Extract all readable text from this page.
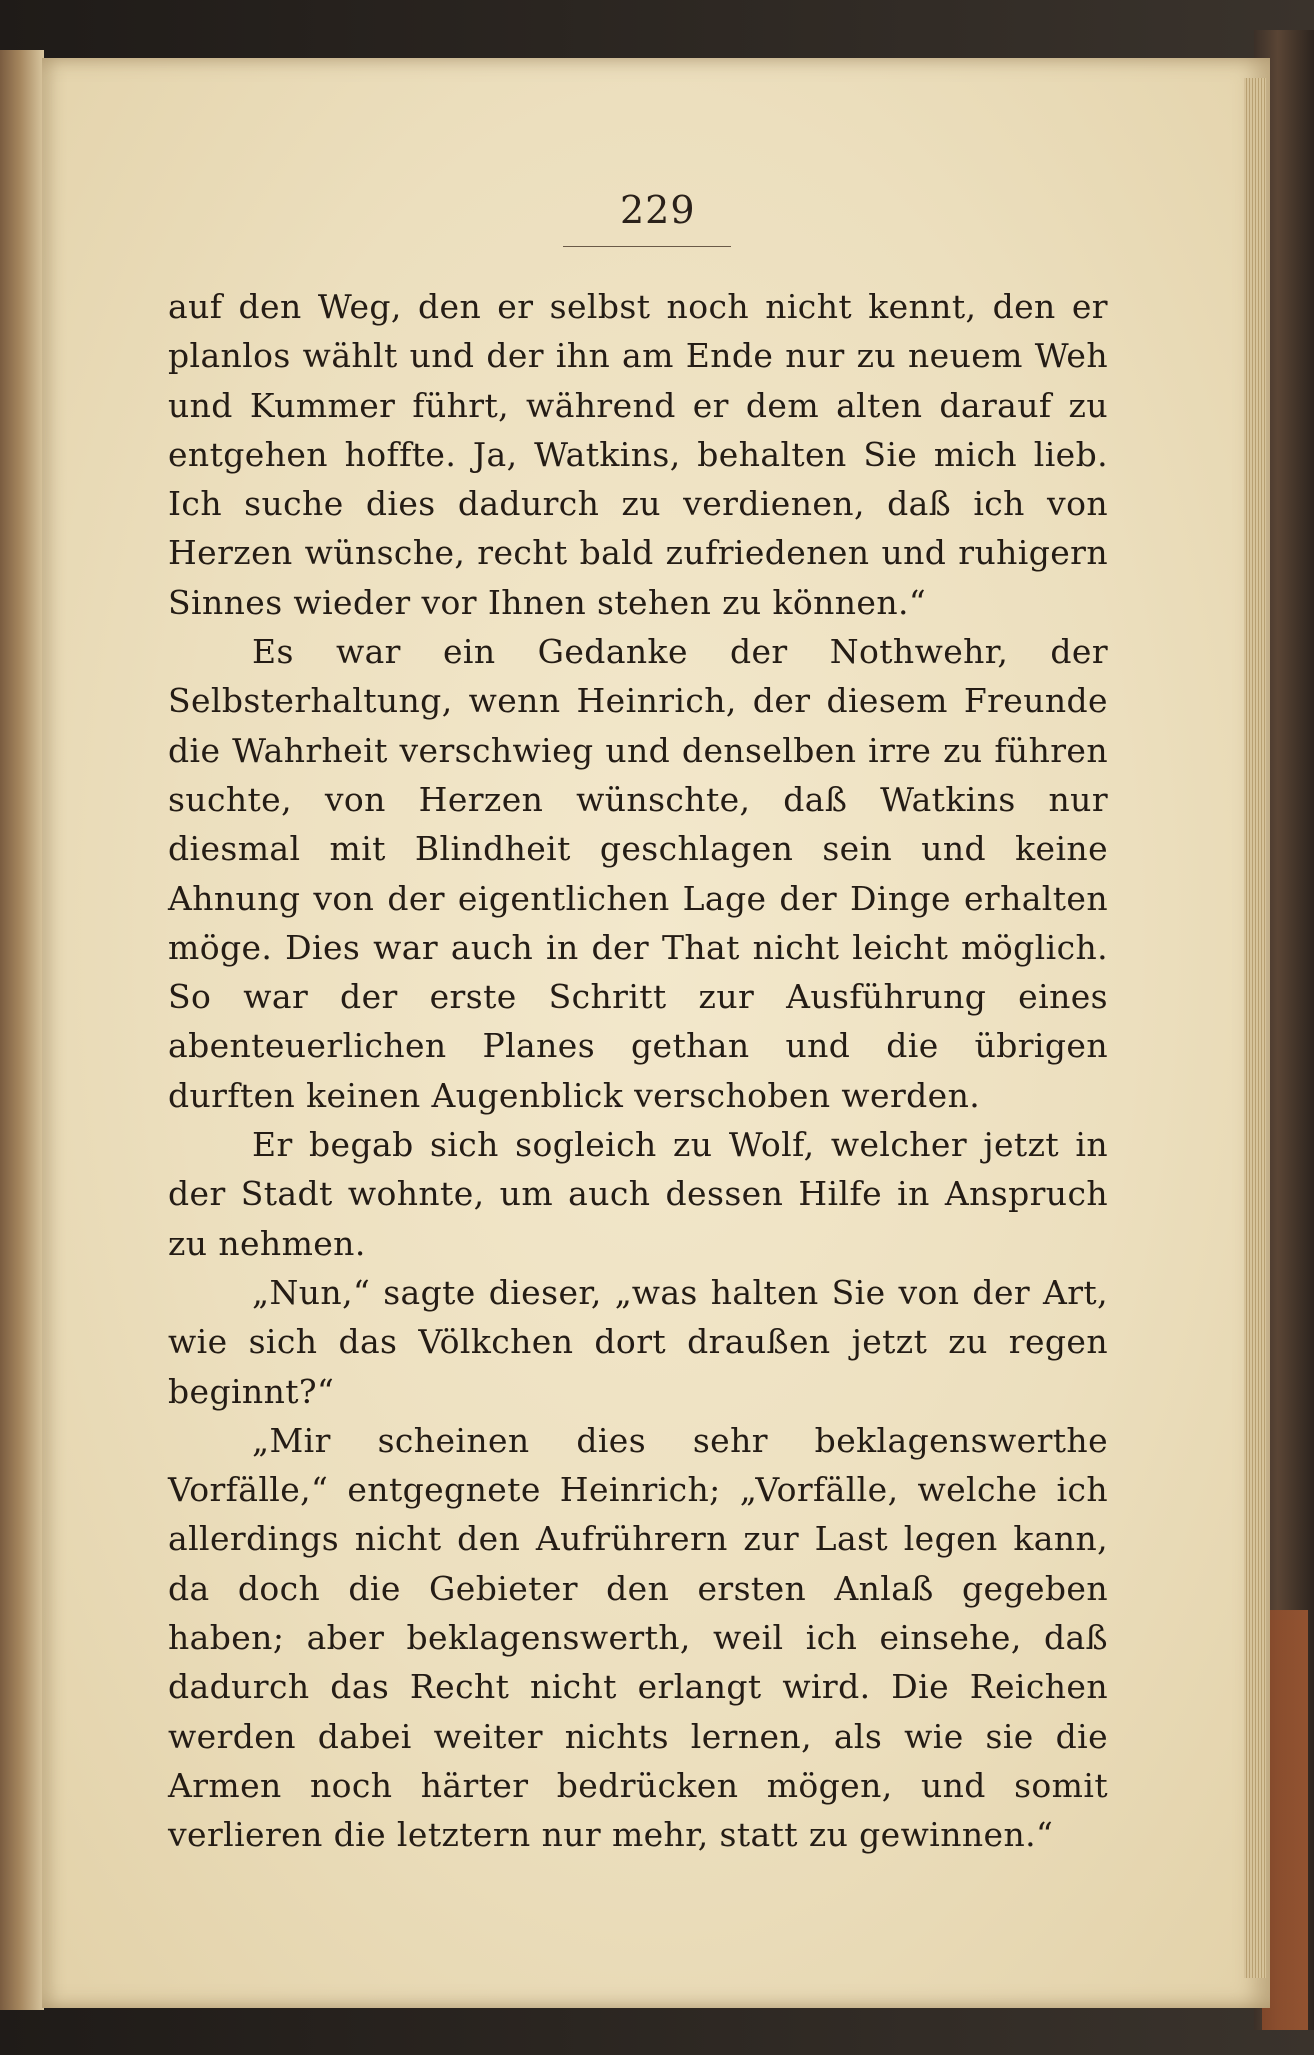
229

auf den Weg, den er selbst noch nicht kennt, den er planlos wählt und der ihn am Ende nur zu neuem Weh und Kummer führt, während er dem alten darauf zu entgehen hoffte. Ja, Watkins, behalten Sie mich lieb. Ich suche dies dadurch zu verdienen, daß ich von Herzen wünsche, recht bald zufriedenen und ruhigern Sinnes wieder vor Ihnen stehen zu können.“

Es war ein Gedanke der Nothwehr, der Selbsterhaltung, wenn Heinrich, der diesem Freunde die Wahrheit verschwieg und denselben irre zu führen suchte, von Herzen wünschte, daß Watkins nur diesmal mit Blindheit geschlagen sein und keine Ahnung von der eigentlichen Lage der Dinge erhalten möge. Dies war auch in der That nicht leicht möglich. So war der erste Schritt zur Ausführung eines abenteuerlichen Planes gethan und die übrigen durften keinen Augenblick verschoben werden.

Er begab sich sogleich zu Wolf, welcher jetzt in der Stadt wohnte, um auch dessen Hilfe in Anspruch zu nehmen.

„Nun,“ sagte dieser, „was halten Sie von der Art, wie sich das Völkchen dort draußen jetzt zu regen beginnt?“

„Mir scheinen dies sehr beklagenswerthe Vorfälle,“ entgegnete Heinrich; „Vorfälle, welche ich allerdings nicht den Aufrührern zur Last legen kann, da doch die Gebieter den ersten Anlaß gegeben haben; aber beklagenswerth, weil ich einsehe, daß dadurch das Recht nicht erlangt wird. Die Reichen werden dabei weiter nichts lernen, als wie sie die Armen noch härter bedrücken mögen, und somit verlieren die letztern nur mehr, statt zu gewinnen.“
